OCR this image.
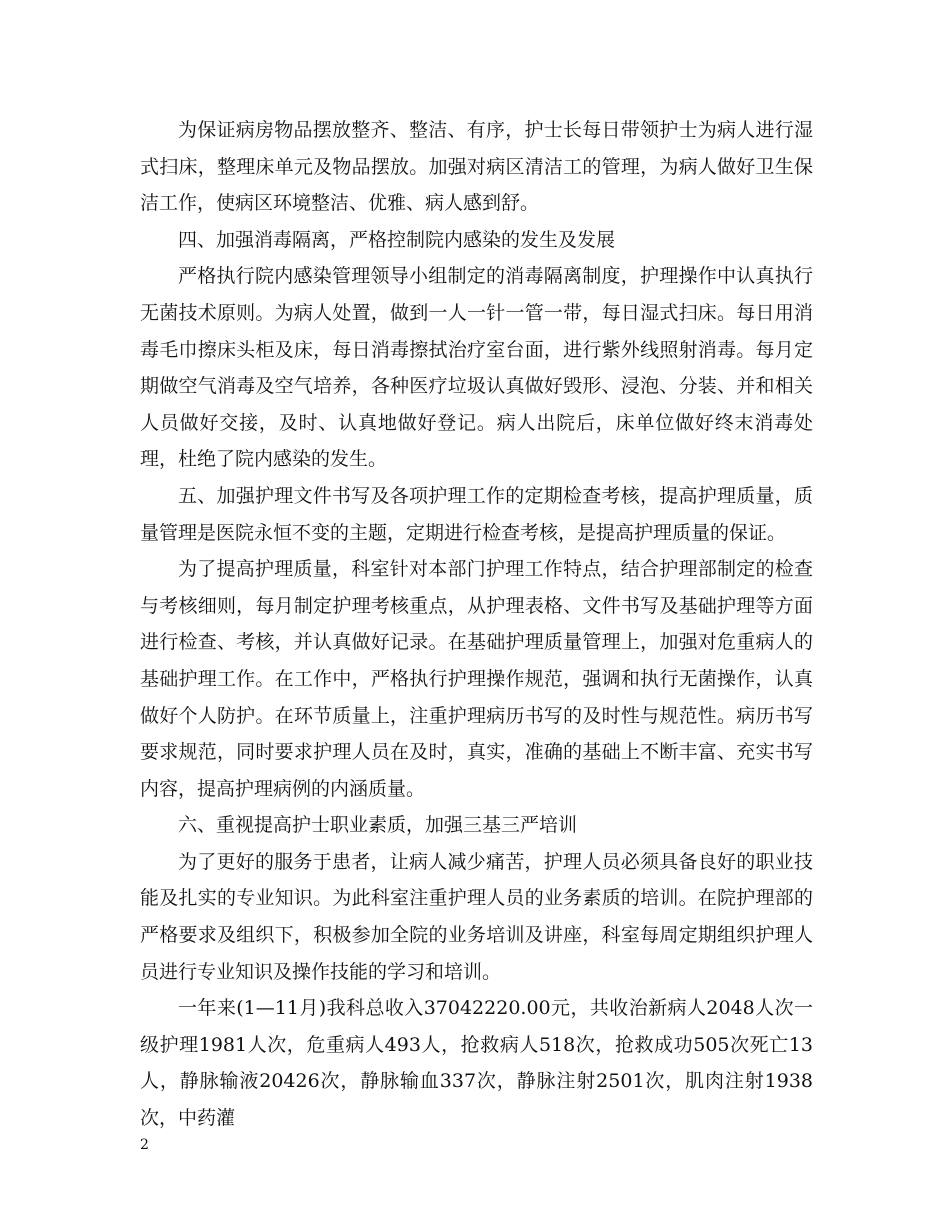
为保证病房物品摆放整齐、整洁、有序，护士长每日带领护士为病人进行湿式扫床，整理床单元及物品摆放。加强对病区清洁工的管理，为病人做好卫生保洁工作，使病区环境整洁、优雅、病人感到舒。

四、加强消毒隔离，严格控制院内感染的发生及发展

严格执行院内感染管理领导小组制定的消毒隔离制度，护理操作中认真执行无菌技术原则。为病人处置，做到一人一针一管一带，每日湿式扫床。每日用消毒毛巾擦床头柜及床，每日消毒擦拭治疗室台面，进行紫外线照射消毒。每月定期做空气消毒及空气培养，各种医疗垃圾认真做好毁形、浸泡、分装、并和相关人员做好交接，及时、认真地做好登记。病人出院后，床单位做好终末消毒处理，杜绝了院内感染的发生。

五、加强护理文件书写及各项护理工作的定期检查考核，提高护理质量，质量管理是医院永恒不变的主题，定期进行检查考核，是提高护理质量的保证。

为了提高护理质量，科室针对本部门护理工作特点，结合护理部制定的检查与考核细则，每月制定护理考核重点，从护理表格、文件书写及基础护理等方面进行检查、考核，并认真做好记录。在基础护理质量管理上，加强对危重病人的基础护理工作。在工作中，严格执行护理操作规范，强调和执行无菌操作，认真做好个人防护。在环节质量上，注重护理病历书写的及时性与规范性。病历书写要求规范，同时要求护理人员在及时，真实，准确的基础上不断丰富、充实书写内容，提高护理病例的内涵质量。

六、重视提高护士职业素质，加强三基三严培训

为了更好的服务于患者，让病人减少痛苦，护理人员必须具备良好的职业技能及扎实的专业知识。为此科室注重护理人员的业务素质的培训。在院护理部的严格要求及组织下，积极参加全院的业务培训及讲座，科室每周定期组织护理人员进行专业知识及操作技能的学习和培训。

一年来(1—11月)我科总收入37042220.00元，共收治新病人2048人次一级护理1981人次，危重病人493人，抢救病人518次，抢救成功505次死亡13人，静脉输液20426次，静脉输血337次，静脉注射2501次，肌肉注射1938次，中药灌

2
